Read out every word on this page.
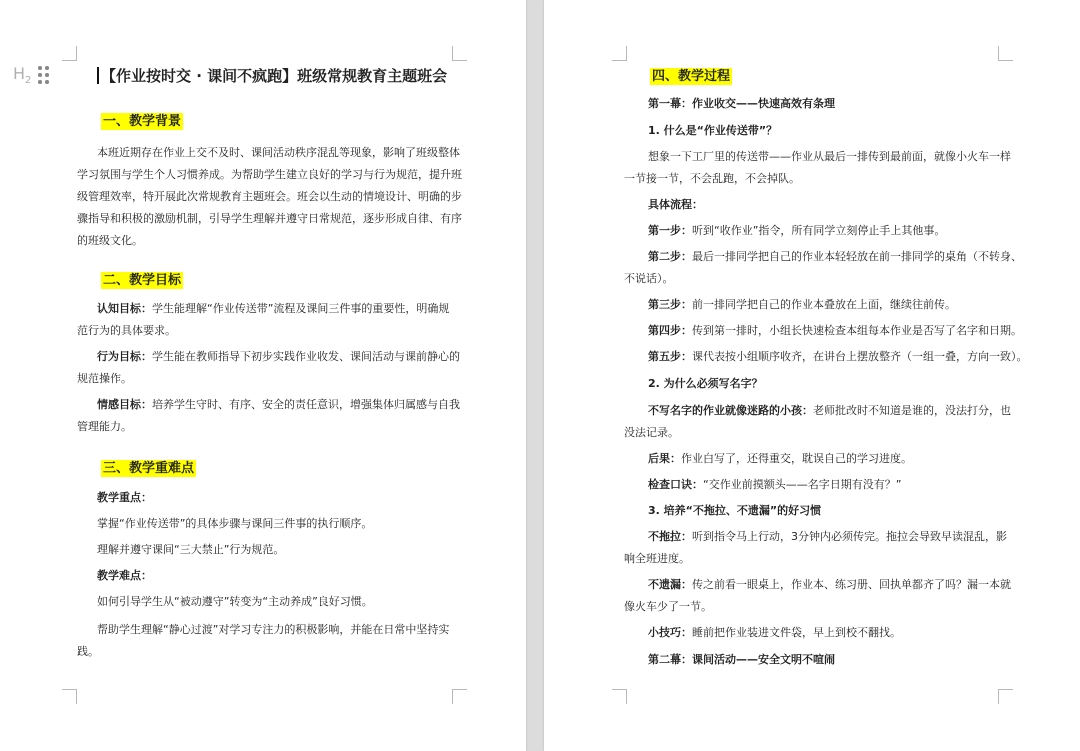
$H_2$	【作业按时交 · 课间不疯跑】班级常规教育主题班会
一、教学背景
本班近期存在作业上交不及时、课间活动秩序混乱等现象，影响了班级整体
学习氛围与学生个人习惯养成。为帮助学生建立良好的学习与行为规范，提升班
级管理效率，特开展此次常规教育主题班会。班会以生动的情境设计、明确的步
骤指导和积极的激励机制，引导学生理解并遵守日常规范，逐步形成自律、有序
的班级文化。
二、教学目标
认知目标：学生能理解“作业传送带”流程及课间三件事的重要性，明确规
范行为的具体要求。
行为目标：学生能在教师指导下初步实践作业收发、课间活动与课前静心的
规范操作。
情感目标：培养学生守时、有序、安全的责任意识，增强集体归属感与自我
管理能力。
三、教学重难点
教学重点：
掌握“作业传送带”的具体步骤与课间三件事的执行顺序。
理解并遵守课间“三大禁止”行为规范。
教学难点：
如何引导学生从“被动遵守”转变为“主动养成”良好习惯。
帮助学生理解“静心过渡”对学习专注力的积极影响，并能在日常中坚持实
践。
四、教学过程
第一幕：作业收交——快速高效有条理
1. 什么是“作业传送带”？
想象一下工厂里的传送带——作业从最后一排传到最前面，就像小火车一样
一节接一节，不会乱跑，不会掉队。
具体流程：
第一步：听到“收作业”指令，所有同学立刻停止手上其他事。
第二步：最后一排同学把自己的作业本轻轻放在前一排同学的桌角（不转身、
不说话）。
第三步：前一排同学把自己的作业本叠放在上面，继续往前传。
第四步：传到第一排时，小组长快速检查本组每本作业是否写了名字和日期。
第五步：课代表按小组顺序收齐，在讲台上摆放整齐（一组一叠，方向一致）。
2. 为什么必须写名字？
不写名字的作业就像迷路的小孩：老师批改时不知道是谁的，没法打分，也
没法记录。
后果：作业白写了，还得重交，耽误自己的学习进度。
检查口诀：“交作业前摸额头——名字日期有没有？”
3. 培养“不拖拉、不遗漏”的好习惯
不拖拉：听到指令马上行动，3分钟内必须传完。拖拉会导致早读混乱，影
响全班进度。
不遗漏：传之前看一眼桌上，作业本、练习册、回执单都齐了吗？漏一本就
像火车少了一节。
小技巧：睡前把作业装进文件袋，早上到校不翻找。
第二幕：课间活动——安全文明不喧闹
